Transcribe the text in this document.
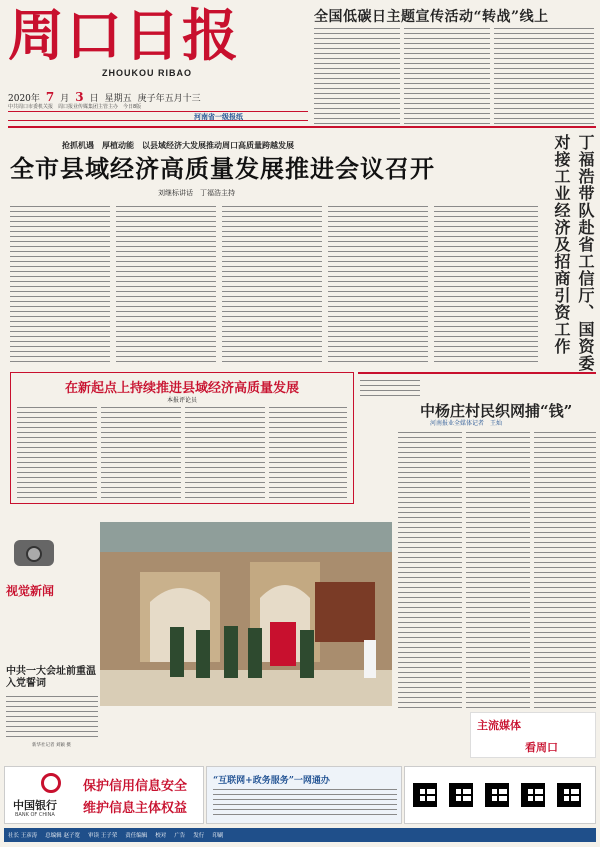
周口日报
ZHOUKOU RIBAO
2020年 7 月 3 日 星期五 庚子年五月十三
中共周口市委机关报　周口报业传媒集团主管主办　今日8版
河南省一级报纸
全国低碳日主题宣传活动“转战”线上
抢抓机遇　厚植动能　以县域经济大发展推动周口高质量跨越发展
全市县域经济高质量发展推进会议召开
刘继标讲话　丁福浩主持	丁福浩带队赴省工信厅、国资委
对接工业经济及招商引资工作
在新起点上持续推进县域经济高质量发展
本报评论员
中杨庄村民织网捕“钱”
河南报业全媒体记者　王灿
视觉新闻
中共一大会址前重温入党誓词
新华社记者 刘颖 摄
主流媒体
看周口
中国银行
BANK OF CHINA
保护信用信息安全
维护信息主体权益
“互联网+政务服务”一网通办
社长 王彦涛 总编辑 赵子宽 审读 王子荣 责任编辑 校对 广告 发行 印刷
